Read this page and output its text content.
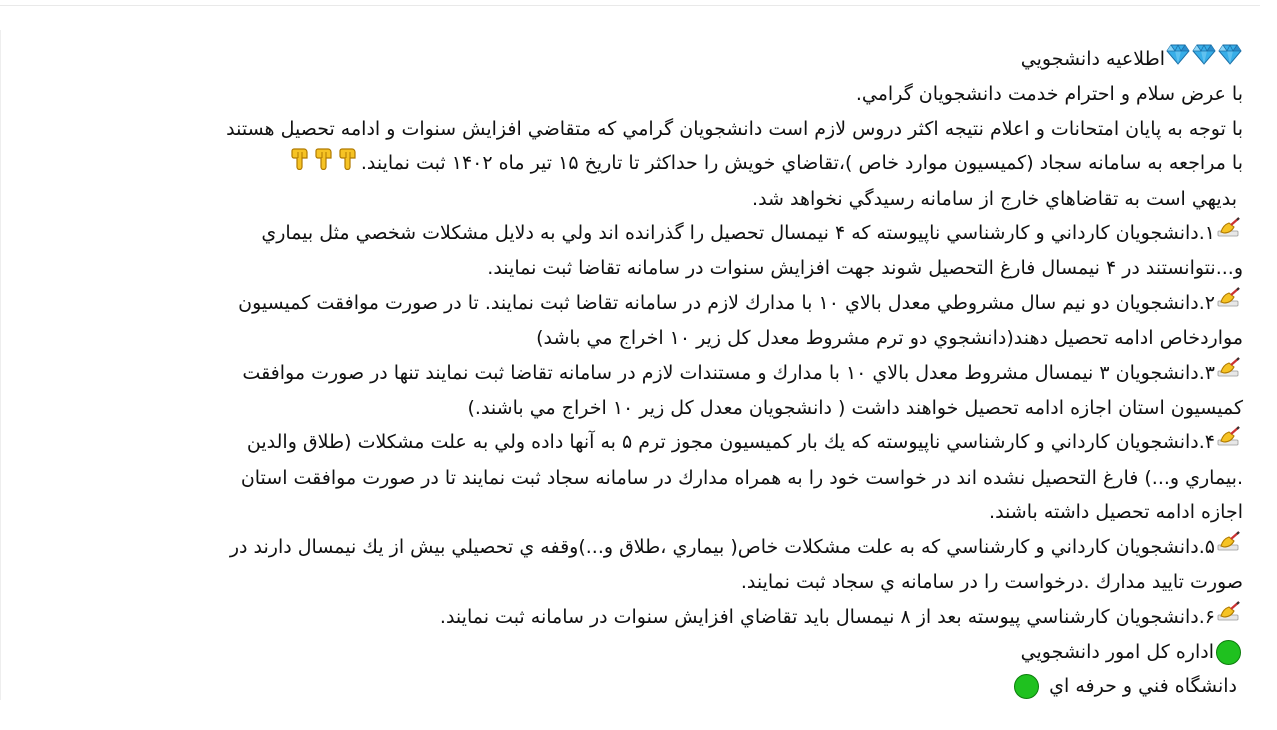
اطلاعيه دانشجويي
با عرض سلام و احترام خدمت دانشجويان گرامي.
با توجه به پايان امتحانات و اعلام نتيجه اكثر دروس لازم است دانشجويان گرامي كه متقاضي افزايش سنوات و ادامه تحصيل هستند
با مراجعه به سامانه سجاد (كميسيون موارد خاص )،تقاضاي خويش را حداكثر تا تاريخ ۱۵ تير ماه ۱۴۰۲ ثبت نمايند.
بديهي است به تقاضاهاي خارج از سامانه رسيدگي نخواهد شد.
۱.دانشجويان كارداني و كارشناسي ناپيوسته كه ۴ نيمسال تحصيل را گذرانده اند ولي به دلايل مشكلات شخصي مثل بيماري
و...نتوانستند در ۴ نيمسال فارغ التحصيل شوند جهت افزايش سنوات در سامانه تقاضا ثبت نمايند.
۲.دانشجويان دو نيم سال مشروطي معدل بالاي ۱۰ با مدارك لازم در سامانه تقاضا ثبت نمايند. تا در صورت موافقت كميسيون
مواردخاص ادامه تحصيل دهند(دانشجوي دو ترم مشروط معدل كل زير ۱۰ اخراج مي باشد)
۳.دانشجويان ۳ نيمسال مشروط معدل بالاي ۱۰ با مدارك و مستندات لازم در سامانه تقاضا ثبت نمايند تنها در صورت موافقت
كميسيون استان اجازه ادامه تحصيل خواهند داشت ( دانشجويان معدل كل زير ۱۰ اخراج مي باشند.)
۴.دانشجويان كارداني و كارشناسي ناپيوسته كه يك بار كميسيون مجوز ترم ۵ به آنها داده ولي به علت مشكلات (طلاق والدين
.بيماري و...) فارغ التحصيل نشده اند در خواست خود را به همراه مدارك در سامانه سجاد ثبت نمايند تا در صورت موافقت استان
اجازه ادامه تحصيل داشته باشند.
۵.دانشجويان كارداني و كارشناسي كه به علت مشكلات خاص( بيماري ،طلاق و...)وقفه ي تحصيلي بيش از يك نيمسال دارند در
صورت تاييد مدارك .درخواست را در سامانه ي سجاد ثبت نمايند.
۶.دانشجويان كارشناسي پيوسته بعد از ۸ نيمسال بايد تقاضاي افزايش سنوات در سامانه ثبت نمايند.
اداره كل امور دانشجويي
دانشگاه فني و حرفه اي
